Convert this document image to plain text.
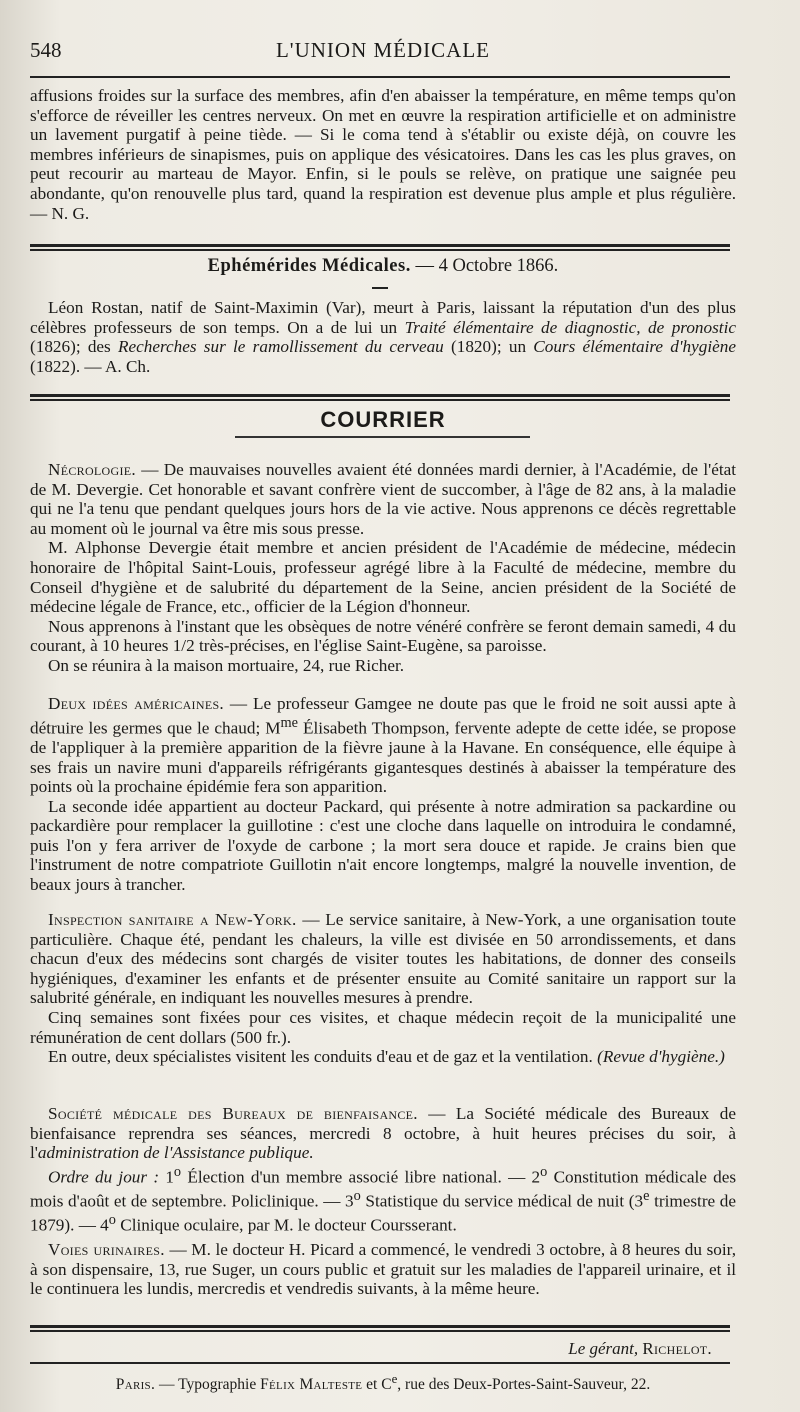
548	L'UNION MÉDICALE

affusions froides sur la surface des membres, afin d'en abaisser la température, en même temps qu'on s'efforce de réveiller les centres nerveux. On met en œuvre la respiration artificielle et on administre un lavement purgatif à peine tiède. — Si le coma tend à s'établir ou existe déjà, on couvre les membres inférieurs de sinapismes, puis on applique des vésicatoires. Dans les cas les plus graves, on peut recourir au marteau de Mayor. Enfin, si le pouls se relève, on pratique une saignée peu abondante, qu'on renouvelle plus tard, quand la respiration est devenue plus ample et plus régulière. — N. G.

Ephémérides Médicales. — 4 Octobre 1866.

Léon Rostan, natif de Saint-Maximin (Var), meurt à Paris, laissant la réputation d'un des plus célèbres professeurs de son temps. On a de lui un Traité élémentaire de diagnostic, de pronostic (1826); des Recherches sur le ramollissement du cerveau (1820); un Cours élémentaire d'hygiène (1822). — A. Ch.

COURRIER

Nécrologie. — De mauvaises nouvelles avaient été données mardi dernier, à l'Académie, de l'état de M. Devergie. Cet honorable et savant confrère vient de succomber, à l'âge de 82 ans, à la maladie qui ne l'a tenu que pendant quelques jours hors de la vie active. Nous apprenons ce décès regrettable au moment où le journal va être mis sous presse.

M. Alphonse Devergie était membre et ancien président de l'Académie de médecine, médecin honoraire de l'hôpital Saint-Louis, professeur agrégé libre à la Faculté de médecine, membre du Conseil d'hygiène et de salubrité du département de la Seine, ancien président de la Société de médecine légale de France, etc., officier de la Légion d'honneur.

Nous apprenons à l'instant que les obsèques de notre vénéré confrère se feront demain samedi, 4 du courant, à 10 heures 1/2 très-précises, en l'église Saint-Eugène, sa paroisse.

On se réunira à la maison mortuaire, 24, rue Richer.

Deux idées américaines. — Le professeur Gamgee ne doute pas que le froid ne soit aussi apte à détruire les germes que le chaud; $M^{me}$ Élisabeth Thompson, fervente adepte de cette idée, se propose de l'appliquer à la première apparition de la fièvre jaune à la Havane. En conséquence, elle équipe à ses frais un navire muni d'appareils réfrigérants gigantesques destinés à abaisser la température des points où la prochaine épidémie fera son apparition.

La seconde idée appartient au docteur Packard, qui présente à notre admiration sa packardine ou packardière pour remplacer la guillotine : c'est une cloche dans laquelle on introduira le condamné, puis l'on y fera arriver de l'oxyde de carbone ; la mort sera douce et rapide. Je crains bien que l'instrument de notre compatriote Guillotin n'ait encore longtemps, malgré la nouvelle invention, de beaux jours à trancher.

Inspection sanitaire a New-York. — Le service sanitaire, à New-York, a une organisation toute particulière. Chaque été, pendant les chaleurs, la ville est divisée en 50 arrondissements, et dans chacun d'eux des médecins sont chargés de visiter toutes les habitations, de donner des conseils hygiéniques, d'examiner les enfants et de présenter ensuite au Comité sanitaire un rapport sur la salubrité générale, en indiquant les nouvelles mesures à prendre.

Cinq semaines sont fixées pour ces visites, et chaque médecin reçoit de la municipalité une rémunération de cent dollars (500 fr.).

En outre, deux spécialistes visitent les conduits d'eau et de gaz et la ventilation. (Revue d'hygiène.)

Société médicale des Bureaux de bienfaisance. — La Société médicale des Bureaux de bienfaisance reprendra ses séances, mercredi 8 octobre, à huit heures précises du soir, à l'administration de l'Assistance publique.

Ordre du jour : 1$^o$ Élection d'un membre associé libre national. — 2$^o$ Constitution médicale des mois d'août et de septembre. Policlinique. — 3$^o$ Statistique du service médical de nuit (3e trimestre de 1879). — 4$^o$ Clinique oculaire, par M. le docteur Coursserant.

Voies urinaires. — M. le docteur H. Picard a commencé, le vendredi 3 octobre, à 8 heures du soir, à son dispensaire, 13, rue Suger, un cours public et gratuit sur les maladies de l'appareil urinaire, et il le continuera les lundis, mercredis et vendredis suivants, à la même heure.

Le gérant, Richelot.
Paris. — Typographie Félix Malteste et Ce, rue des Deux-Portes-Saint-Sauveur, 22.
